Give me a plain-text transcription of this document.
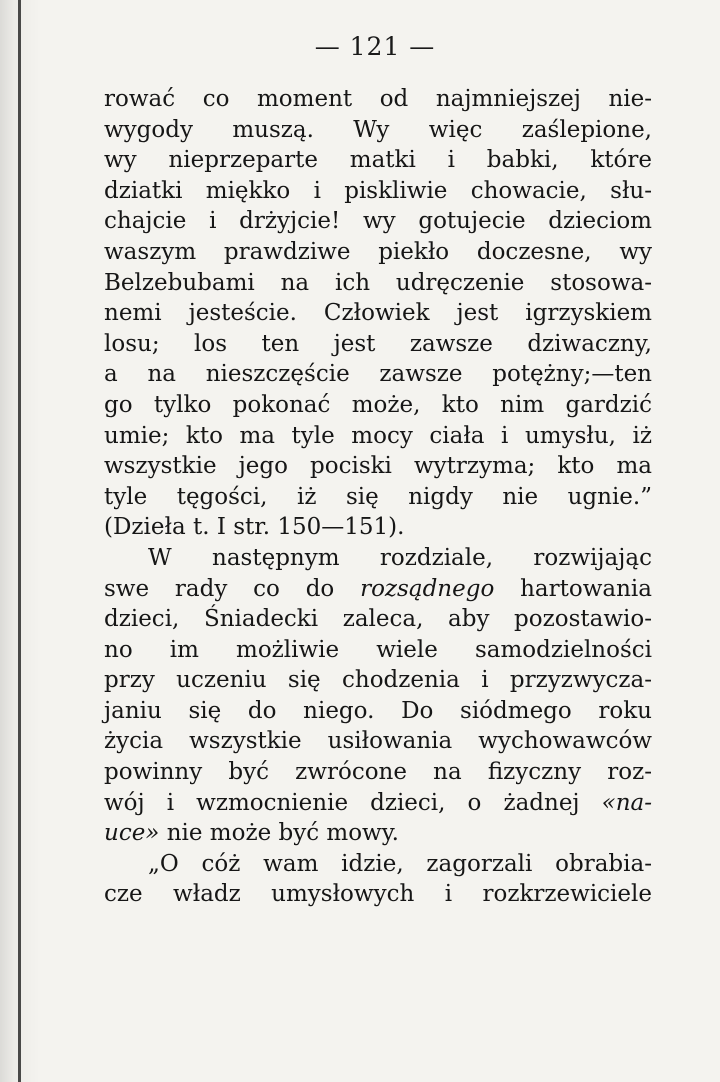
— 121 —
rować co moment od najmniejszej nie-
wygody muszą. Wy więc zaślepione,
wy nieprzeparte matki i babki, które
dziatki miękko i piskliwie chowacie, słu-
chajcie i drżyjcie! wy gotujecie dzieciom
waszym prawdziwe piekło doczesne, wy
Belzebubami na ich udręczenie stosowa-
nemi jesteście. Człowiek jest igrzyskiem
losu; los ten jest zawsze dziwaczny,
a na nieszczęście zawsze potężny;—ten
go tylko pokonać może, kto nim gardzić
umie; kto ma tyle mocy ciała i umysłu, iż
wszystkie jego pociski wytrzyma; kto ma
tyle tęgości, iż się nigdy nie ugnie.”
(Dzieła t. I str. 150—151).
W następnym rozdziale, rozwijając
swe rady co do rozsądnego hartowania
dzieci, Śniadecki zaleca, aby pozostawio-
no im możliwie wiele samodzielności
przy uczeniu się chodzenia i przyzwycza-
janiu się do niego. Do siódmego roku
życia wszystkie usiłowania wychowawców
powinny być zwrócone na fizyczny roz-
wój i wzmocnienie dzieci, o żadnej «na-
uce» nie może być mowy.
„O cóż wam idzie, zagorzali obrabia-
cze władz umysłowych i rozkrzewiciele
